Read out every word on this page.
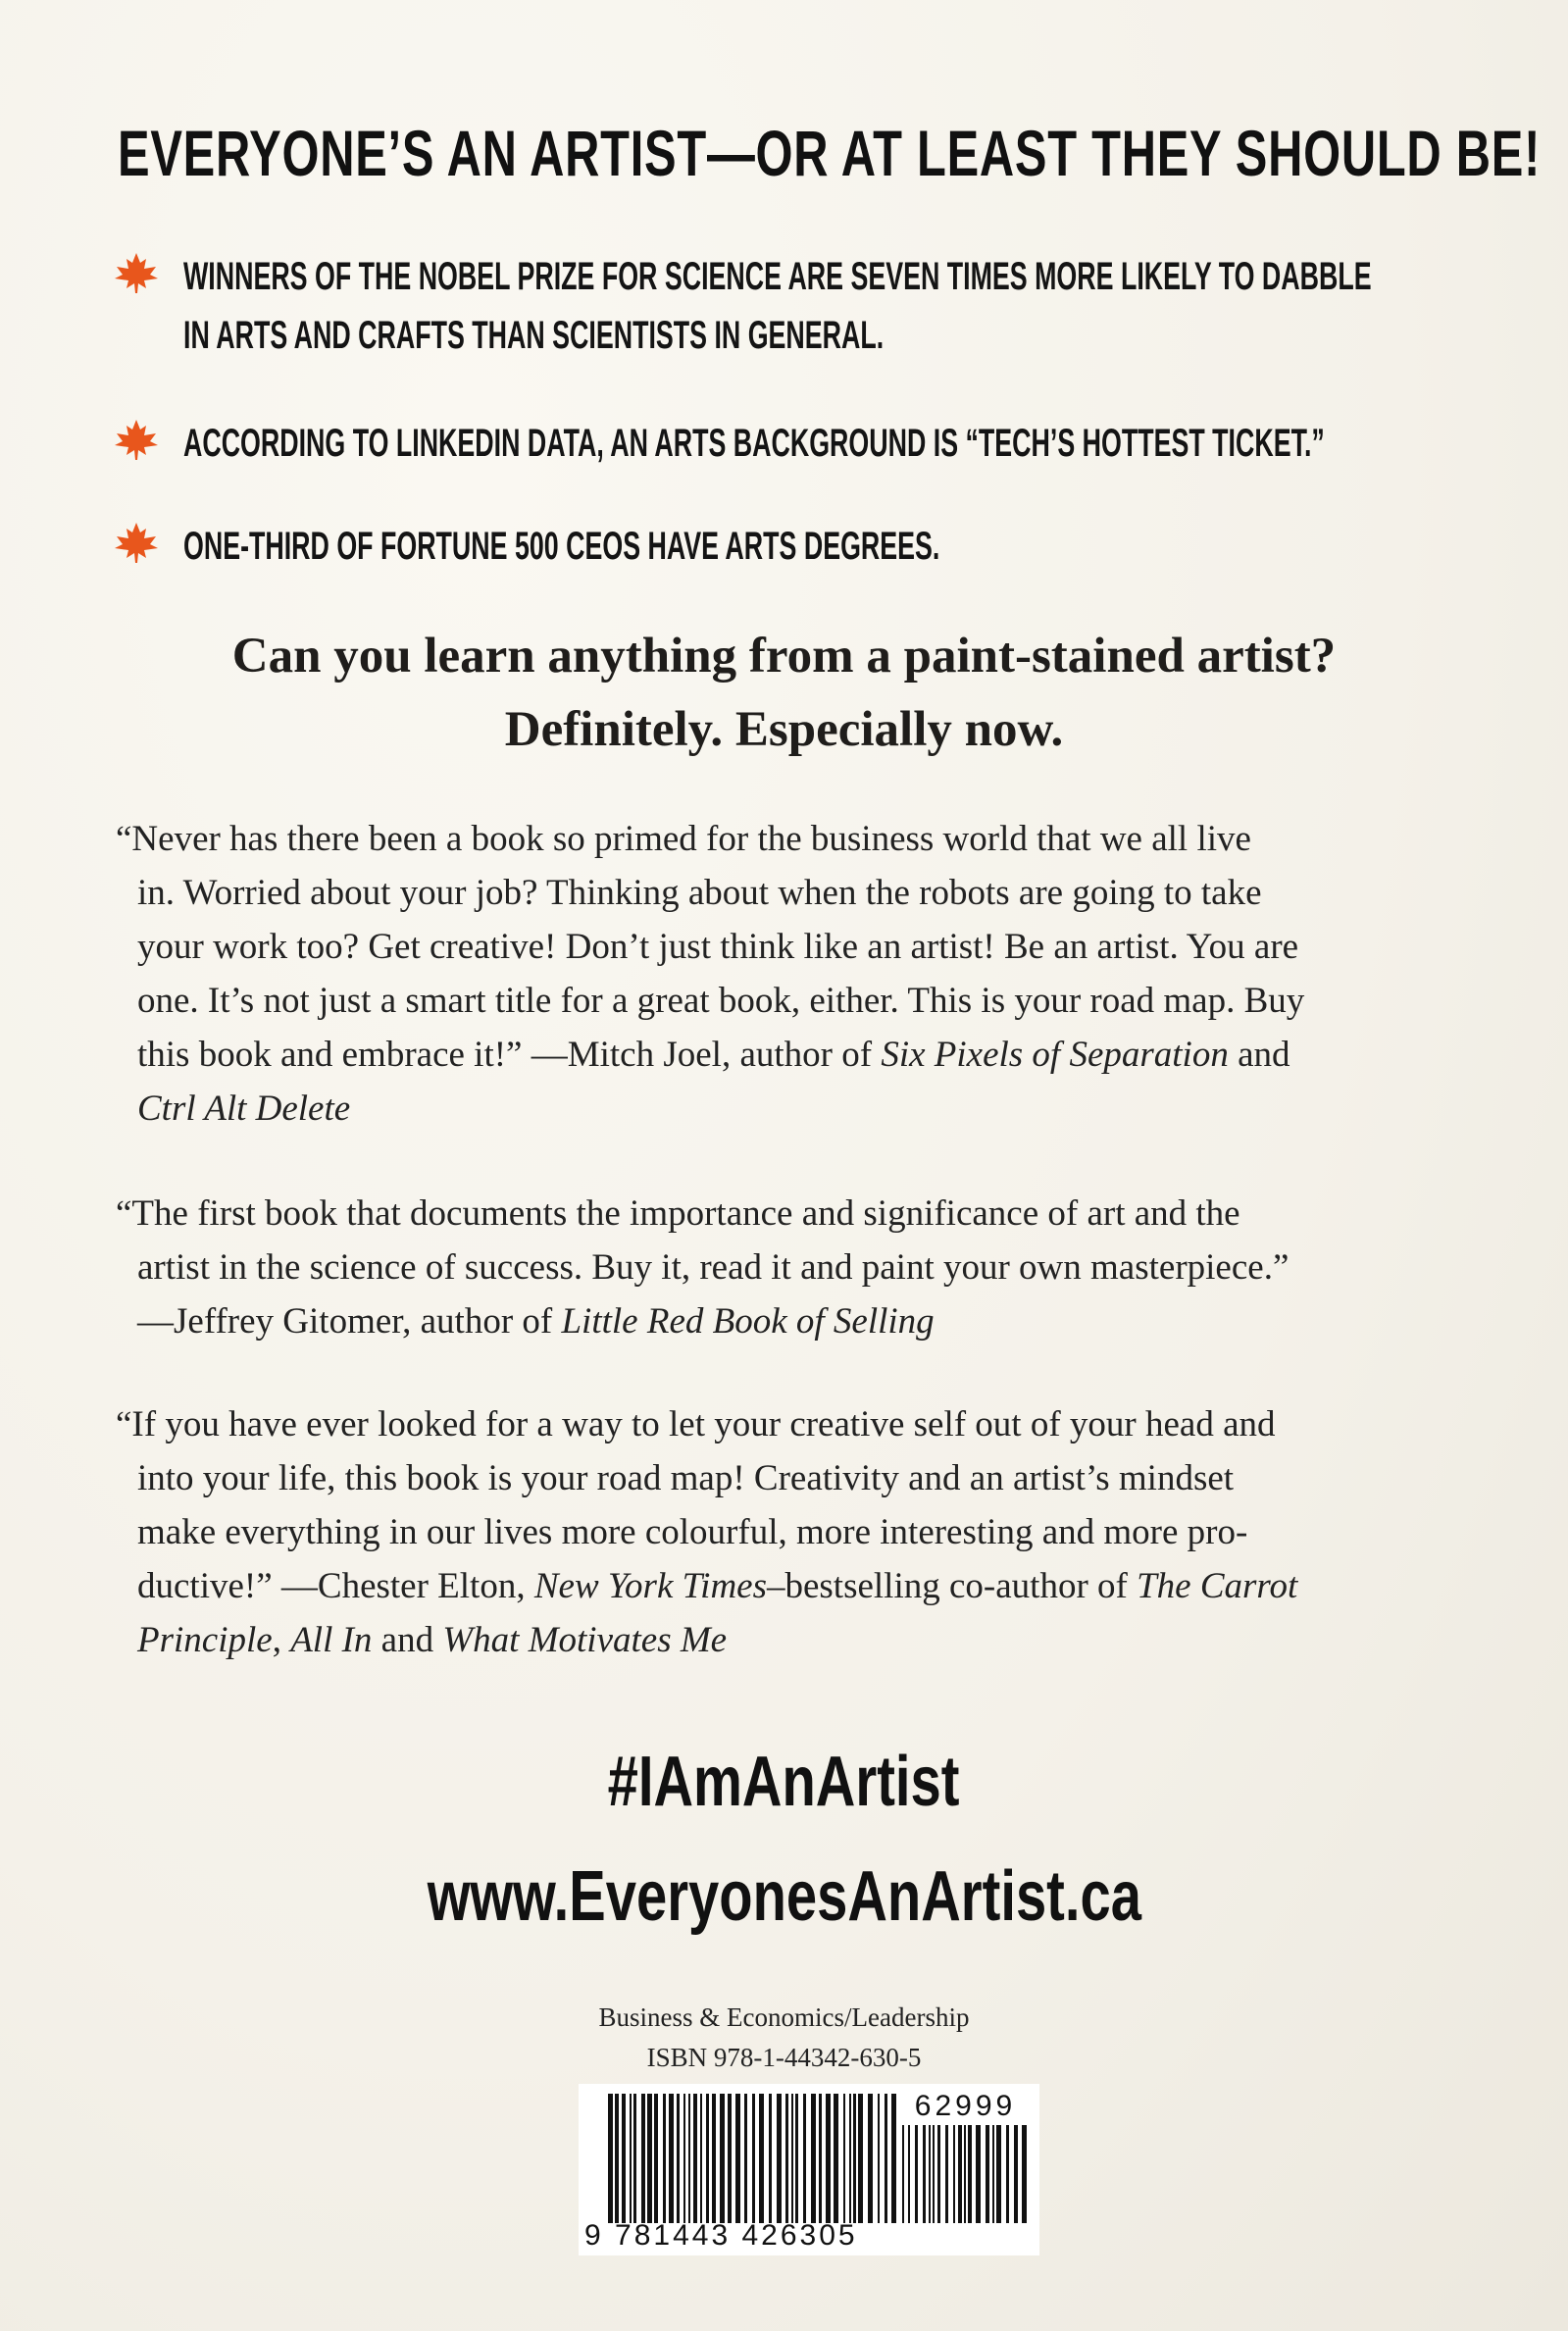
EVERYONE’S AN ARTIST—OR AT LEAST THEY SHOULD BE!
WINNERS OF THE NOBEL PRIZE FOR SCIENCE ARE SEVEN TIMES MORE LIKELY TO DABBLE
IN ARTS AND CRAFTS THAN SCIENTISTS IN GENERAL.
ACCORDING TO LINKEDIN DATA, AN ARTS BACKGROUND IS “TECH’S HOTTEST TICKET.”
ONE-THIRD OF FORTUNE 500 CEOS HAVE ARTS DEGREES.
Can you learn anything from a paint-stained artist?
Definitely. Especially now.
“Never has there been a book so primed for the business world that we all live
in. Worried about your job? Thinking about when the robots are going to take
your work too? Get creative! Don’t just think like an artist! Be an artist. You are
one. It’s not just a smart title for a great book, either. This is your road map. Buy
this book and embrace it!” —Mitch Joel, author of Six Pixels of Separation and
Ctrl Alt Delete
“The first book that documents the importance and significance of art and the
artist in the science of success. Buy it, read it and paint your own masterpiece.”
—Jeffrey Gitomer, author of Little Red Book of Selling
“If you have ever looked for a way to let your creative self out of your head and
into your life, this book is your road map! Creativity and an artist’s mindset
make everything in our lives more colourful, more interesting and more pro-
ductive!” —Chester Elton, New York Times–bestselling co-author of The Carrot
Principle, All In and What Motivates Me
#IAmAnArtist
www.EveryonesAnArtist.ca
Business & Economics/Leadership
ISBN 978-1-44342-630-5
9 781443 426305
62999
